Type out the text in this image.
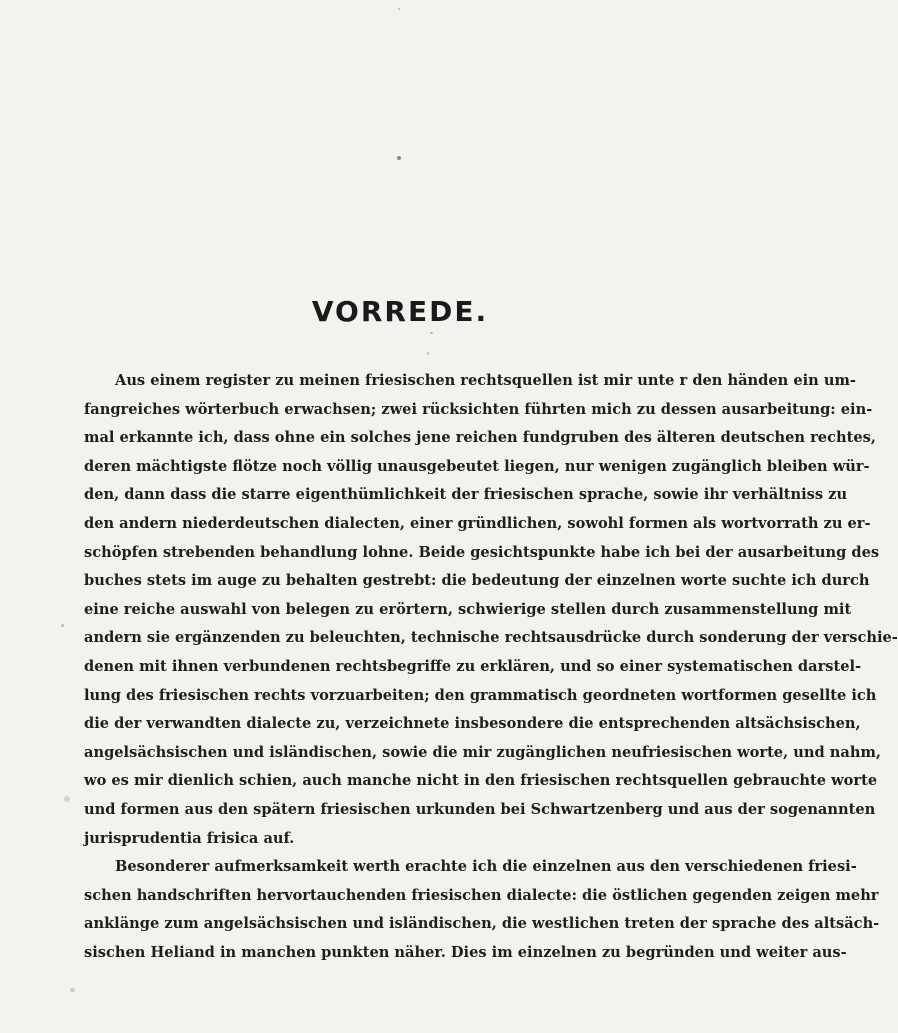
VORREDE.
Aus einem register zu meinen friesischen rechtsquellen ist mir unte r den händen ein um-
fangreiches wörterbuch erwachsen; zwei rücksichten führten mich zu dessen ausarbeitung: ein-
mal erkannte ich, dass ohne ein solches jene reichen fundgruben des älteren deutschen rechtes,
deren mächtigste flötze noch völlig unausgebeutet liegen, nur wenigen zugänglich bleiben wür-
den, dann dass die starre eigenthümlichkeit der friesischen sprache, sowie ihr verhältniss zu
den andern niederdeutschen dialecten, einer gründlichen, sowohl formen als wortvorrath zu er-
schöpfen strebenden behandlung lohne. Beide gesichtspunkte habe ich bei der ausarbeitung des
buches stets im auge zu behalten gestrebt: die bedeutung der einzelnen worte suchte ich durch
eine reiche auswahl von belegen zu erörtern, schwierige stellen durch zusammenstellung mit
andern sie ergänzenden zu beleuchten, technische rechtsausdrücke durch sonderung der verschie-
denen mit ihnen verbundenen rechtsbegriffe zu erklären, und so einer systematischen darstel-
lung des friesischen rechts vorzuarbeiten; den grammatisch geordneten wortformen gesellte ich
die der verwandten dialecte zu, verzeichnete insbesondere die entsprechenden altsächsischen,
angelsächsischen und isländischen, sowie die mir zugänglichen neufriesischen worte, und nahm,
wo es mir dienlich schien, auch manche nicht in den friesischen rechtsquellen gebrauchte worte
und formen aus den spätern friesischen urkunden bei Schwartzenberg und aus der sogenannten
jurisprudentia frisica auf.
Besonderer aufmerksamkeit werth erachte ich die einzelnen aus den verschiedenen friesi-
schen handschriften hervortauchenden friesischen dialecte: die östlichen gegenden zeigen mehr
anklänge zum angelsächsischen und isländischen, die westlichen treten der sprache des altsäch-
sischen Heliand in manchen punkten näher. Dies im einzelnen zu begründen und weiter aus-
